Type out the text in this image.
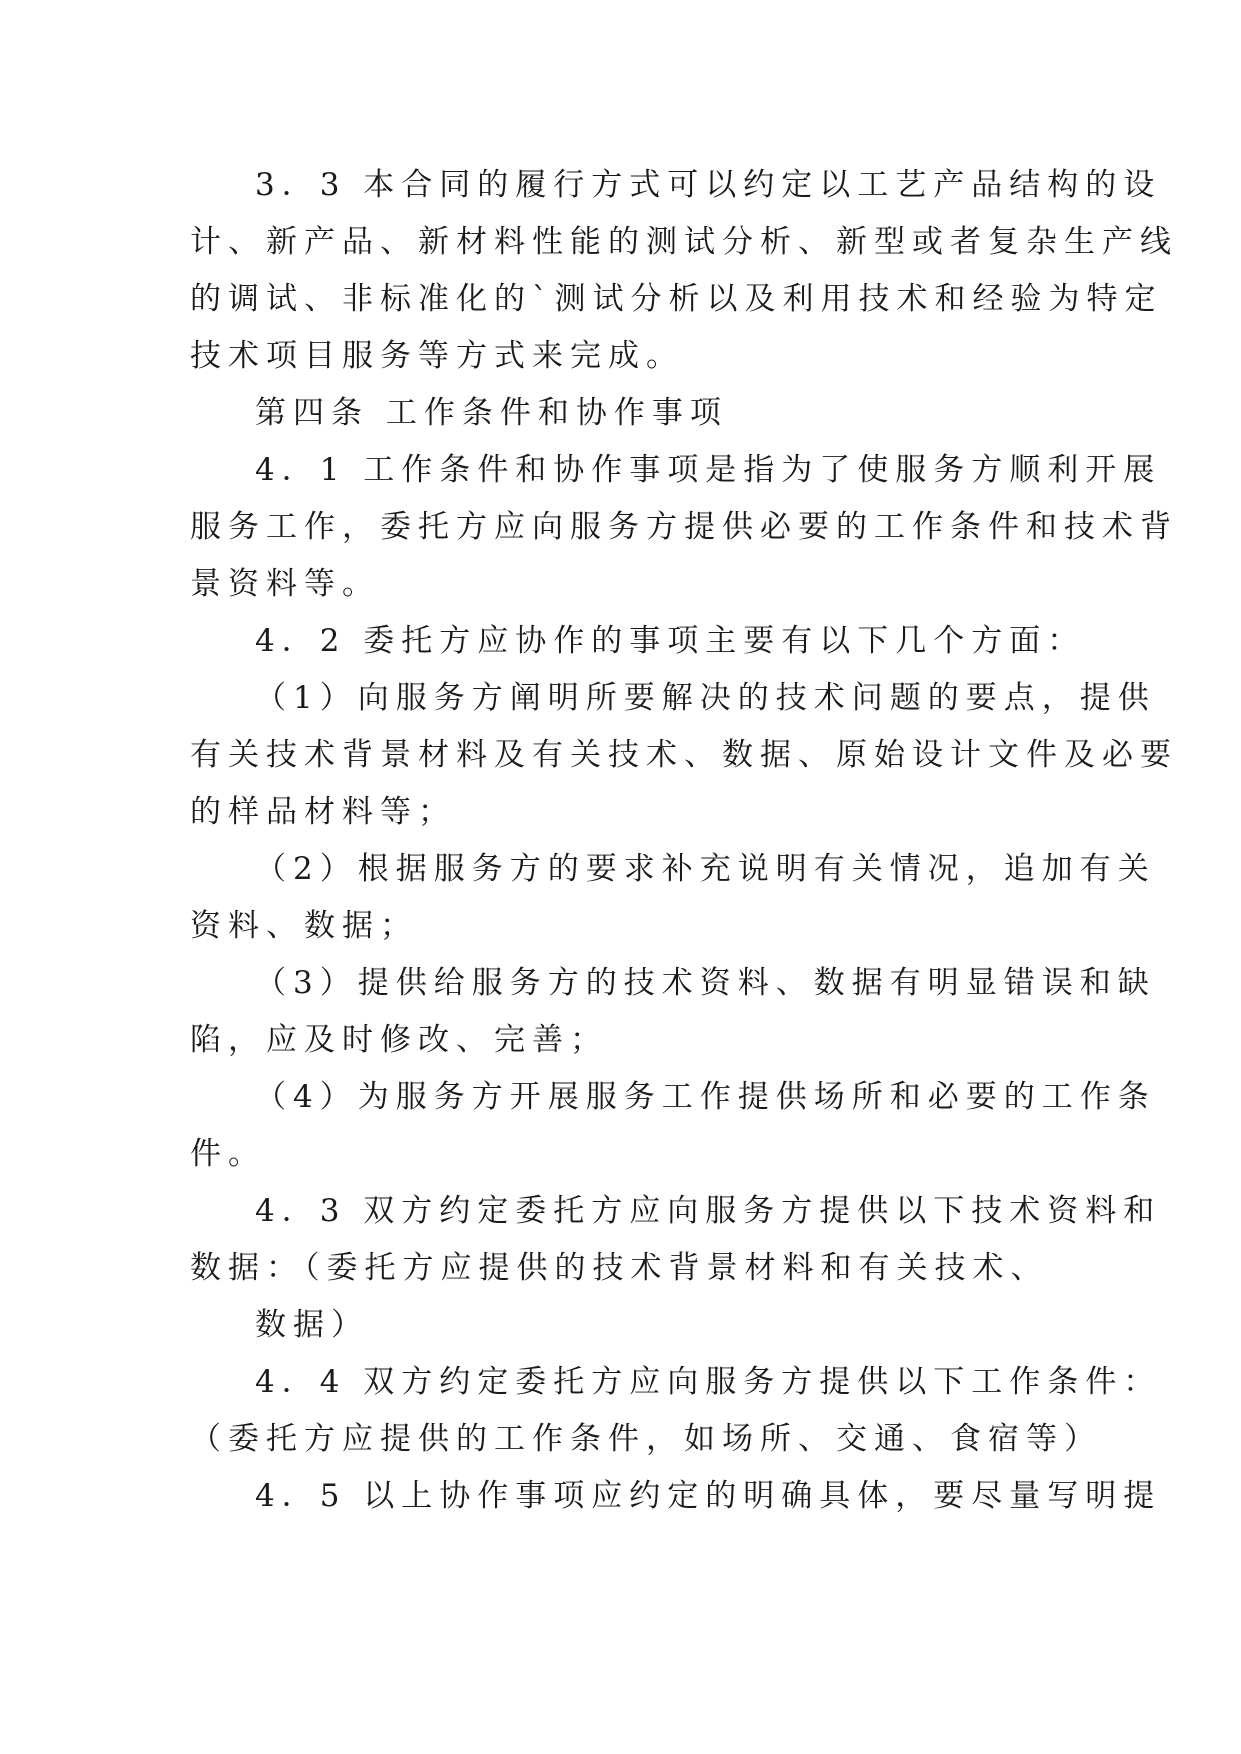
3．3 本合同的履行方式可以约定以工艺产品结构的设
计、新产品、新材料性能的测试分析、新型或者复杂生产线
的调试、非标准化的`测试分析以及利用技术和经验为特定
技术项目服务等方式来完成。
第四条 工作条件和协作事项
4．1 工作条件和协作事项是指为了使服务方顺利开展
服务工作，委托方应向服务方提供必要的工作条件和技术背
景资料等。
4．2 委托方应协作的事项主要有以下几个方面：
（1）向服务方阐明所要解决的技术问题的要点，提供
有关技术背景材料及有关技术、数据、原始设计文件及必要
的样品材料等；
（2）根据服务方的要求补充说明有关情况，追加有关
资料、数据；
（3）提供给服务方的技术资料、数据有明显错误和缺
陷，应及时修改、完善；
（4）为服务方开展服务工作提供场所和必要的工作条
件。
4．3 双方约定委托方应向服务方提供以下技术资料和
数据：（委托方应提供的技术背景材料和有关技术、
数据）
4．4 双方约定委托方应向服务方提供以下工作条件：
（委托方应提供的工作条件，如场所、交通、食宿等）
4．5 以上协作事项应约定的明确具体，要尽量写明提
